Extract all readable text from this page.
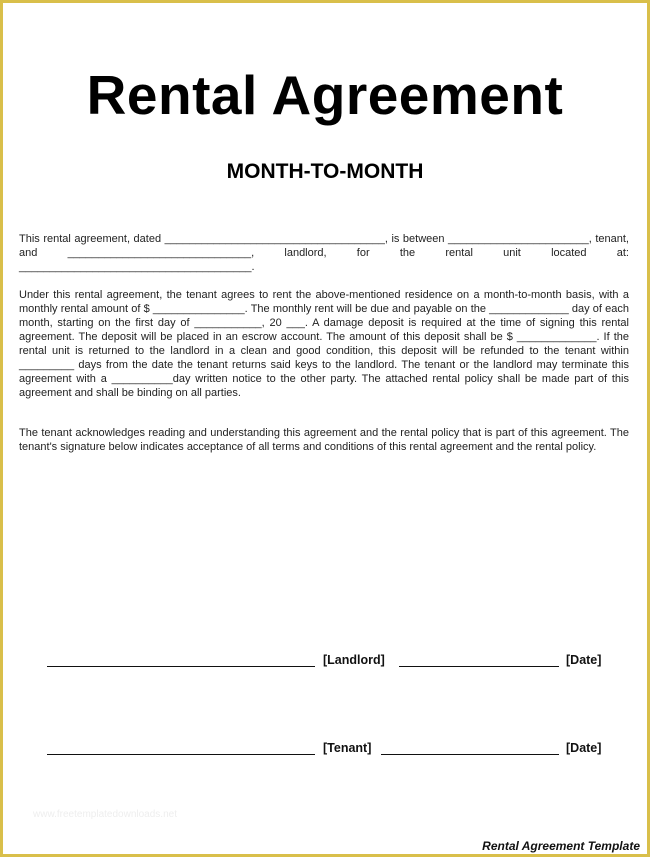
Rental Agreement
MONTH-TO-MONTH
This rental agreement, dated ____________________________________, is between _______________________, tenant, and ______________________________, landlord, for the rental unit located at: ______________________________________.
Under this rental agreement, the tenant agrees to rent the above-mentioned residence on a month-to-month basis, with a monthly rental amount of $ _______________. The monthly rent will be due and payable on the _____________ day of each month, starting on the first day of ___________, 20 ___. A damage deposit is required at the time of signing this rental agreement. The deposit will be placed in an escrow account. The amount of this deposit shall be $ _____________. If the rental unit is returned to the landlord in a clean and good condition, this deposit will be refunded to the tenant within _________ days from the date the tenant returns said keys to the landlord. The tenant or the landlord may terminate this agreement with a __________day written notice to the other party. The attached rental policy shall be made part of this agreement and shall be binding on all parties.
The tenant acknowledges reading and understanding this agreement and the rental policy that is part of this agreement. The tenant's signature below indicates acceptance of all terms and conditions of this rental agreement and the rental policy.
[Landlord]	[Date]
[Tenant]	[Date]
www.freetemplatedownloads.net
Rental Agreement Template
